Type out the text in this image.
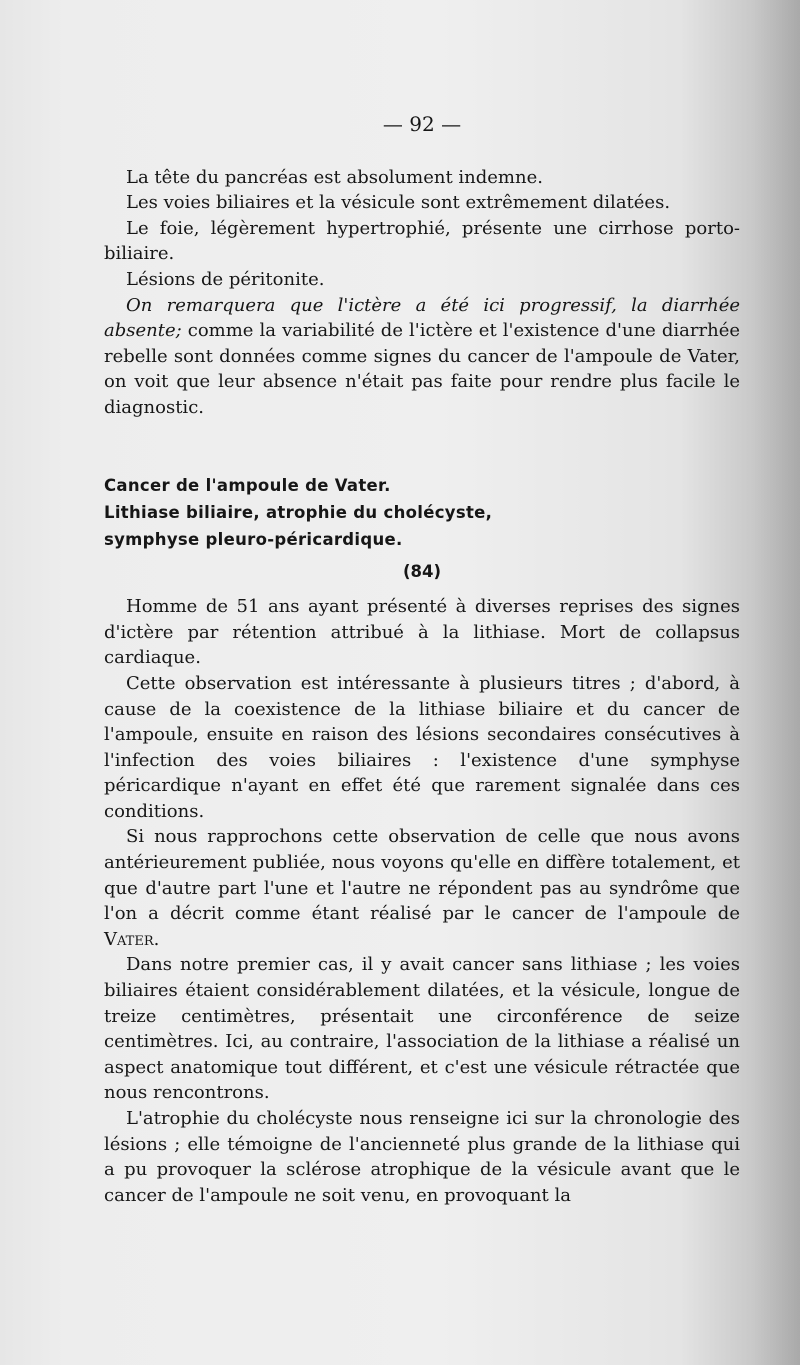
— 92 —

La tête du pancréas est absolument indemne.

Les voies biliaires et la vésicule sont extrêmement dilatées.

Le foie, légèrement hypertrophié, présente une cirrhose porto-biliaire.

Lésions de péritonite.

On remarquera que l'ictère a été ici progressif, la diarrhée absente; comme la variabilité de l'ictère et l'existence d'une diarrhée rebelle sont données comme signes du cancer de l'ampoule de Vater, on voit que leur absence n'était pas faite pour rendre plus facile le diagnostic.

Cancer de l'ampoule de Vater.

Lithiase biliaire, atrophie du cholécyste,

symphyse pleuro-péricardique.

(84)

Homme de 51 ans ayant présenté à diverses reprises des signes d'ictère par rétention attribué à la lithiase. Mort de collapsus cardiaque.

Cette observation est intéressante à plusieurs titres ; d'abord, à cause de la coexistence de la lithiase biliaire et du cancer de l'ampoule, ensuite en raison des lésions secondaires consécutives à l'infection des voies biliaires : l'existence d'une symphyse péricardique n'ayant en effet été que rarement signalée dans ces conditions.

Si nous rapprochons cette observation de celle que nous avons antérieurement publiée, nous voyons qu'elle en diffère totalement, et que d'autre part l'une et l'autre ne répondent pas au syndrôme que l'on a décrit comme étant réalisé par le cancer de l'ampoule de Vater.

Dans notre premier cas, il y avait cancer sans lithiase ; les voies biliaires étaient considérablement dilatées, et la vésicule, longue de treize centimètres, présentait une circonférence de seize centimètres. Ici, au contraire, l'association de la lithiase a réalisé un aspect anatomique tout différent, et c'est une vésicule rétractée que nous rencontrons.

L'atrophie du cholécyste nous renseigne ici sur la chronologie des lésions ; elle témoigne de l'ancienneté plus grande de la lithiase qui a pu provoquer la sclérose atrophique de la vésicule avant que le cancer de l'ampoule ne soit venu, en provoquant la
